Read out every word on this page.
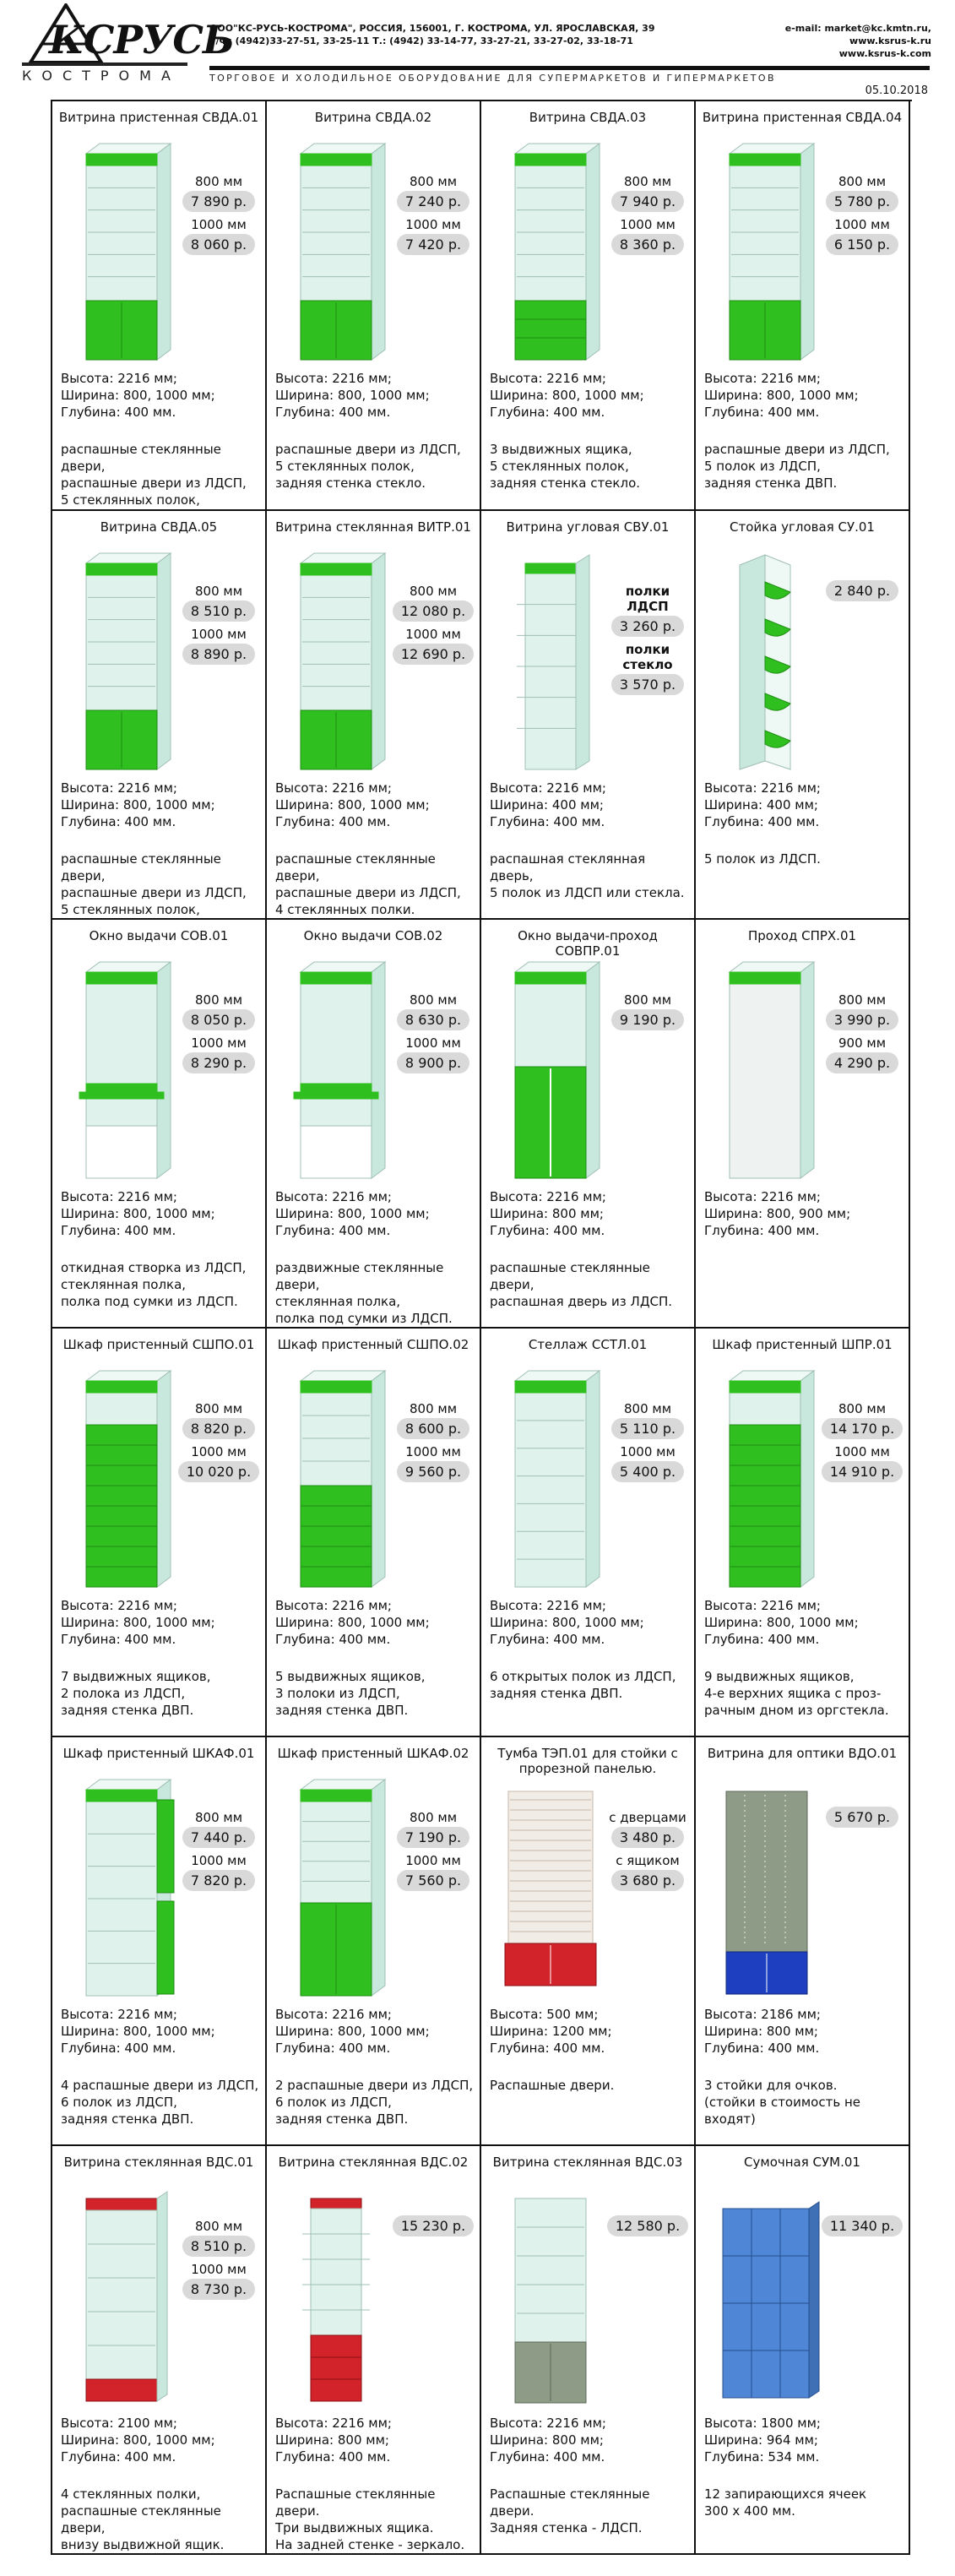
КСРУСЬ
КОСТРОМА
ООО"КС-РУСЬ-КОСТРОМА", РОССИЯ, 156001, Г. КОСТРОМА, УЛ. ЯРОСЛАВСКАЯ, 39
Т/Ф: (4942)33-27-51, 33-25-11 Т.: (4942) 33-14-77, 33-27-21, 33-27-02, 33-18-71
e-mail: market@kc.kmtn.ru,
www.ksrus-k.ru
www.ksrus-k.com
ТОРГОВОЕ И ХОЛОДИЛЬНОЕ ОБОРУДОВАНИЕ ДЛЯ СУПЕРМАРКЕТОВ И ГИПЕРМАРКЕТОВ
05.10.2018
Витрина пристенная СВДА.01
800 мм
7 890 р.
1000 мм
8 060 р.
Высота: 2216 мм;
Ширина: 800, 1000 мм;
Глубина: 400 мм.
распашные стеклянные двери,
распашные двери из ЛДСП,
5 стеклянных полок,
Витрина СВДА.02
800 мм
7 240 р.
1000 мм
7 420 р.
Высота: 2216 мм;
Ширина: 800, 1000 мм;
Глубина: 400 мм.
распашные двери из ЛДСП,
5 стеклянных полок,
задняя стенка стекло.
Витрина СВДА.03
800 мм
7 940 р.
1000 мм
8 360 р.
Высота: 2216 мм;
Ширина: 800, 1000 мм;
Глубина: 400 мм.
3 выдвижных ящика,
5 стеклянных полок,
задняя стенка стекло.
Витрина пристенная СВДА.04
800 мм
5 780 р.
1000 мм
6 150 р.
Высота: 2216 мм;
Ширина: 800, 1000 мм;
Глубина: 400 мм.
распашные двери из ЛДСП,
5 полок из ЛДСП,
задняя стенка ДВП.
Витрина СВДА.05
800 мм
8 510 р.
1000 мм
8 890 р.
Высота: 2216 мм;
Ширина: 800, 1000 мм;
Глубина: 400 мм.
распашные стеклянные двери,
распашные двери из ЛДСП,
5 стеклянных полок,
Витрина стеклянная ВИТР.01
800 мм
12 080 р.
1000 мм
12 690 р.
Высота: 2216 мм;
Ширина: 800, 1000 мм;
Глубина: 400 мм.
распашные стеклянные двери,
распашные двери из ЛДСП,
4 стеклянных полки.
Витрина угловая СВУ.01
полки ЛДСП
3 260 р.
полки стекло
3 570 р.
Высота: 2216 мм;
Ширина: 400 мм;
Глубина: 400 мм.
распашная стеклянная дверь,
5 полок из ЛДСП или стекла.
Стойка угловая СУ.01
2 840 р.
Высота: 2216 мм;
Ширина: 400 мм;
Глубина: 400 мм.
5 полок из ЛДСП.
Окно выдачи СОВ.01
800 мм
8 050 р.
1000 мм
8 290 р.
Высота: 2216 мм;
Ширина: 800, 1000 мм;
Глубина: 400 мм.
откидная створка из ЛДСП,
стеклянная полка,
полка под сумки из ЛДСП.
Окно выдачи СОВ.02
800 мм
8 630 р.
1000 мм
8 900 р.
Высота: 2216 мм;
Ширина: 800, 1000 мм;
Глубина: 400 мм.
раздвижные стеклянные двери,
стеклянная полка,
полка под сумки из ЛДСП.
Окно выдачи-проход СОВПР.01
800 мм
9 190 р.
Высота: 2216 мм;
Ширина: 800 мм;
Глубина: 400 мм.
распашные стеклянные двери,
распашная дверь из ЛДСП.
Проход СПРХ.01
800 мм
3 990 р.
900 мм
4 290 р.
Высота: 2216 мм;
Ширина: 800, 900 мм;
Глубина: 400 мм.
Шкаф пристенный СШПО.01
800 мм
8 820 р.
1000 мм
10 020 р.
Высота: 2216 мм;
Ширина: 800, 1000 мм;
Глубина: 400 мм.
7 выдвижных ящиков,
2 полока из ЛДСП,
задняя стенка ДВП.
Шкаф пристенный СШПО.02
800 мм
8 600 р.
1000 мм
9 560 р.
Высота: 2216 мм;
Ширина: 800, 1000 мм;
Глубина: 400 мм.
5 выдвижных ящиков,
3 полоки из ЛДСП,
задняя стенка ДВП.
Стеллаж ССТЛ.01
800 мм
5 110 р.
1000 мм
5 400 р.
Высота: 2216 мм;
Ширина: 800, 1000 мм;
Глубина: 400 мм.
6 открытых полок из ЛДСП,
задняя стенка ДВП.
Шкаф пристенный ШПР.01
800 мм
14 170 р.
1000 мм
14 910 р.
Высота: 2216 мм;
Ширина: 800, 1000 мм;
Глубина: 400 мм.
9 выдвижных ящиков,
4-е верхних ящика с проз-
рачным дном из оргстекла.
Шкаф пристенный ШКАФ.01
800 мм
7 440 р.
1000 мм
7 820 р.
Высота: 2216 мм;
Ширина: 800, 1000 мм;
Глубина: 400 мм.
4 распашные двери из ЛДСП,
6 полок из ЛДСП,
задняя стенка ДВП.
Шкаф пристенный ШКАФ.02
800 мм
7 190 р.
1000 мм
7 560 р.
Высота: 2216 мм;
Ширина: 800, 1000 мм;
Глубина: 400 мм.
2 распашные двери из ЛДСП,
6 полок из ЛДСП,
задняя стенка ДВП.
Тумба ТЭП.01 для стойки с прорезной панелью.
с дверцами
3 480 р.
с ящиком
3 680 р.
Высота: 500 мм;
Ширина: 1200 мм;
Глубина: 400 мм.
Распашные двери.
Витрина для оптики ВДО.01
5 670 р.
Высота: 2186 мм;
Ширина: 800 мм;
Глубина: 400 мм.
3 стойки для очков.
(стойки в стоимость не
входят)
Витрина стеклянная ВДС.01
800 мм
8 510 р.
1000 мм
8 730 р.
Высота: 2100 мм;
Ширина: 800, 1000 мм;
Глубина: 400 мм.
4 стеклянных полки,
распашные стеклянные двери,
внизу выдвижной ящик.
Витрина стеклянная ВДС.02
15 230 р.
Высота: 2216 мм;
Ширина: 800 мм;
Глубина: 400 мм.
Распашные стеклянные двери.
Три выдвижных ящика.
На задней стенке - зеркало.
Витрина стеклянная ВДС.03
12 580 р.
Высота: 2216 мм;
Ширина: 800 мм;
Глубина: 400 мм.
Распашные стеклянные двери.
Задняя стенка - ЛДСП.
Сумочная СУМ.01
11 340 р.
Высота: 1800 мм;
Ширина: 964 мм;
Глубина: 534 мм.
12 запирающихся ячеек
300 х 400 мм.
